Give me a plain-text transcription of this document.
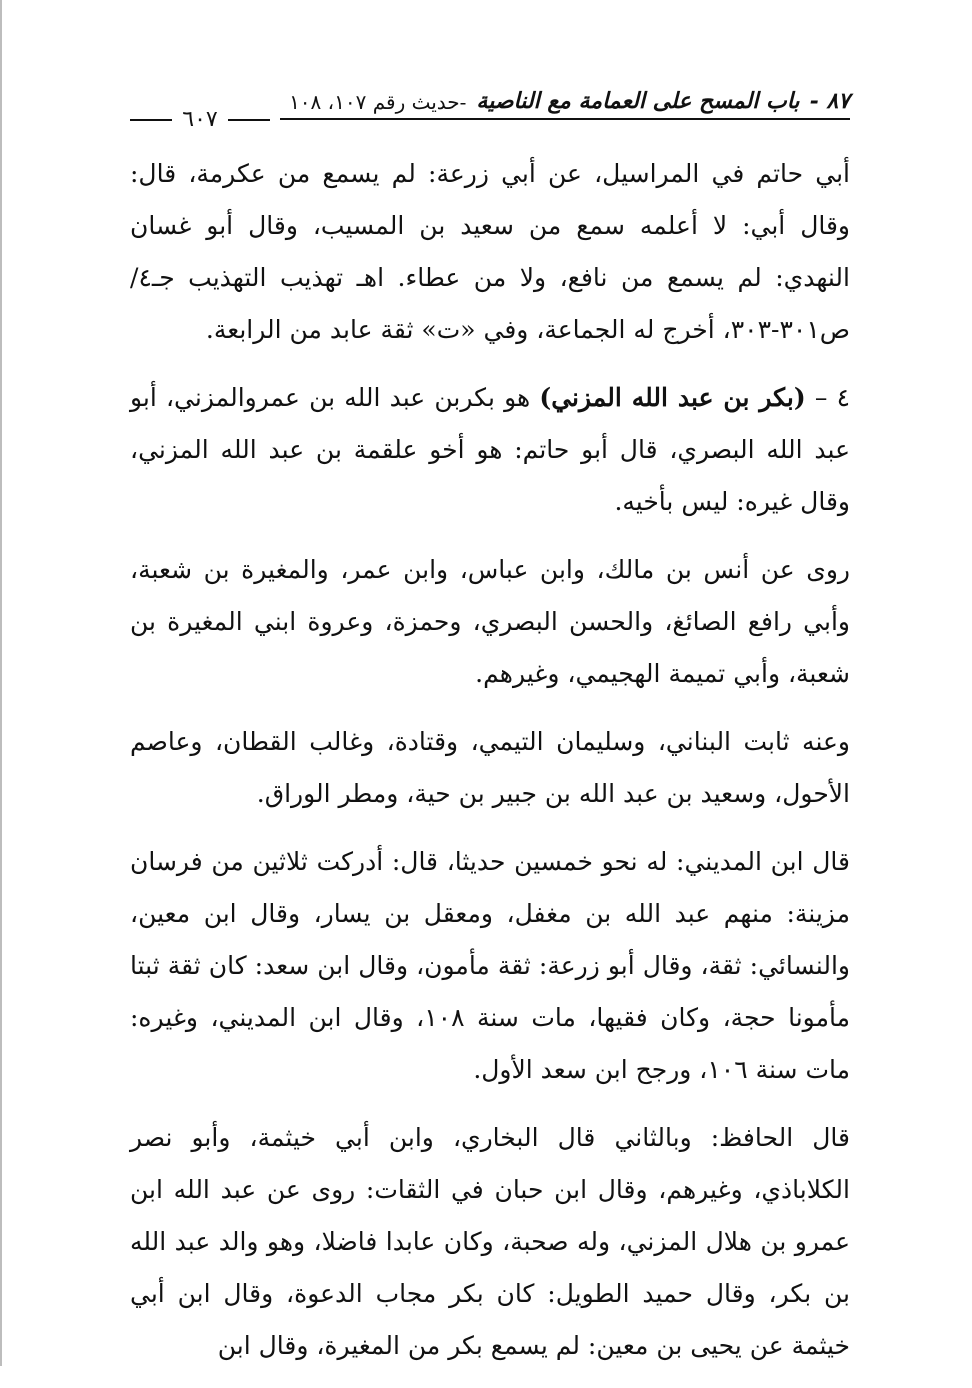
٨٧ -
باب المسح على العمامة مع الناصية
-حديث رقم ١٠٧، ١٠٨
٦٠٧

أبي حاتم في المراسيل، عن أبي زرعة: لم يسمع من عكرمة، قال: وقال أبي: لا أعلمه سمع من سعيد بن المسيب، وقال أبو غسان النهدي: لم يسمع من نافع، ولا من عطاء. اهـ تهذيب التهذيب جـ٤/ ص٣٠١-٣٠٣، أخرج له الجماعة، وفي «ت» ثقة عابد من الرابعة.

٤ – (بكر بن عبد الله المزني) هو بكربن عبد الله بن عمروالمزني، أبو عبد الله البصري، قال أبو حاتم: هو أخو علقمة بن عبد الله المزني، وقال غيره: ليس بأخيه.

روى عن أنس بن مالك، وابن عباس، وابن عمر، والمغيرة بن شعبة، وأبي رافع الصائغ، والحسن البصري، وحمزة، وعروة ابني المغيرة بن شعبة، وأبي تميمة الهجيمي، وغيرهم.

وعنه ثابت البناني، وسليمان التيمي، وقتادة، وغالب القطان، وعاصم الأحول، وسعيد بن عبد الله بن جبير بن حية، ومطر الوراق.

قال ابن المديني: له نحو خمسين حديثا، قال: أدركت ثلاثين من فرسان مزينة: منهم عبد الله بن مغفل، ومعقل بن يسار، وقال ابن معين، والنسائي: ثقة، وقال أبو زرعة: ثقة مأمون، وقال ابن سعد: كان ثقة ثبتا مأمونا حجة، وكان فقيها، مات سنة ١٠٨، وقال ابن المديني، وغيره: مات سنة ١٠٦، ورجح ابن سعد الأول.

قال الحافظ: وبالثاني قال البخاري، وابن أبي خيثمة، وأبو نصر الكلاباذي، وغيرهم، وقال ابن حبان في الثقات: روى عن عبد الله ابن عمرو بن هلال المزني، وله صحبة، وكان عابدا فاضلا، وهو والد عبد الله بن بكر، وقال حميد الطويل: كان بكر مجاب الدعوة، وقال ابن أبي خيثمة عن يحيى بن معين: لم يسمع بكر من المغيرة، وقال ابن
